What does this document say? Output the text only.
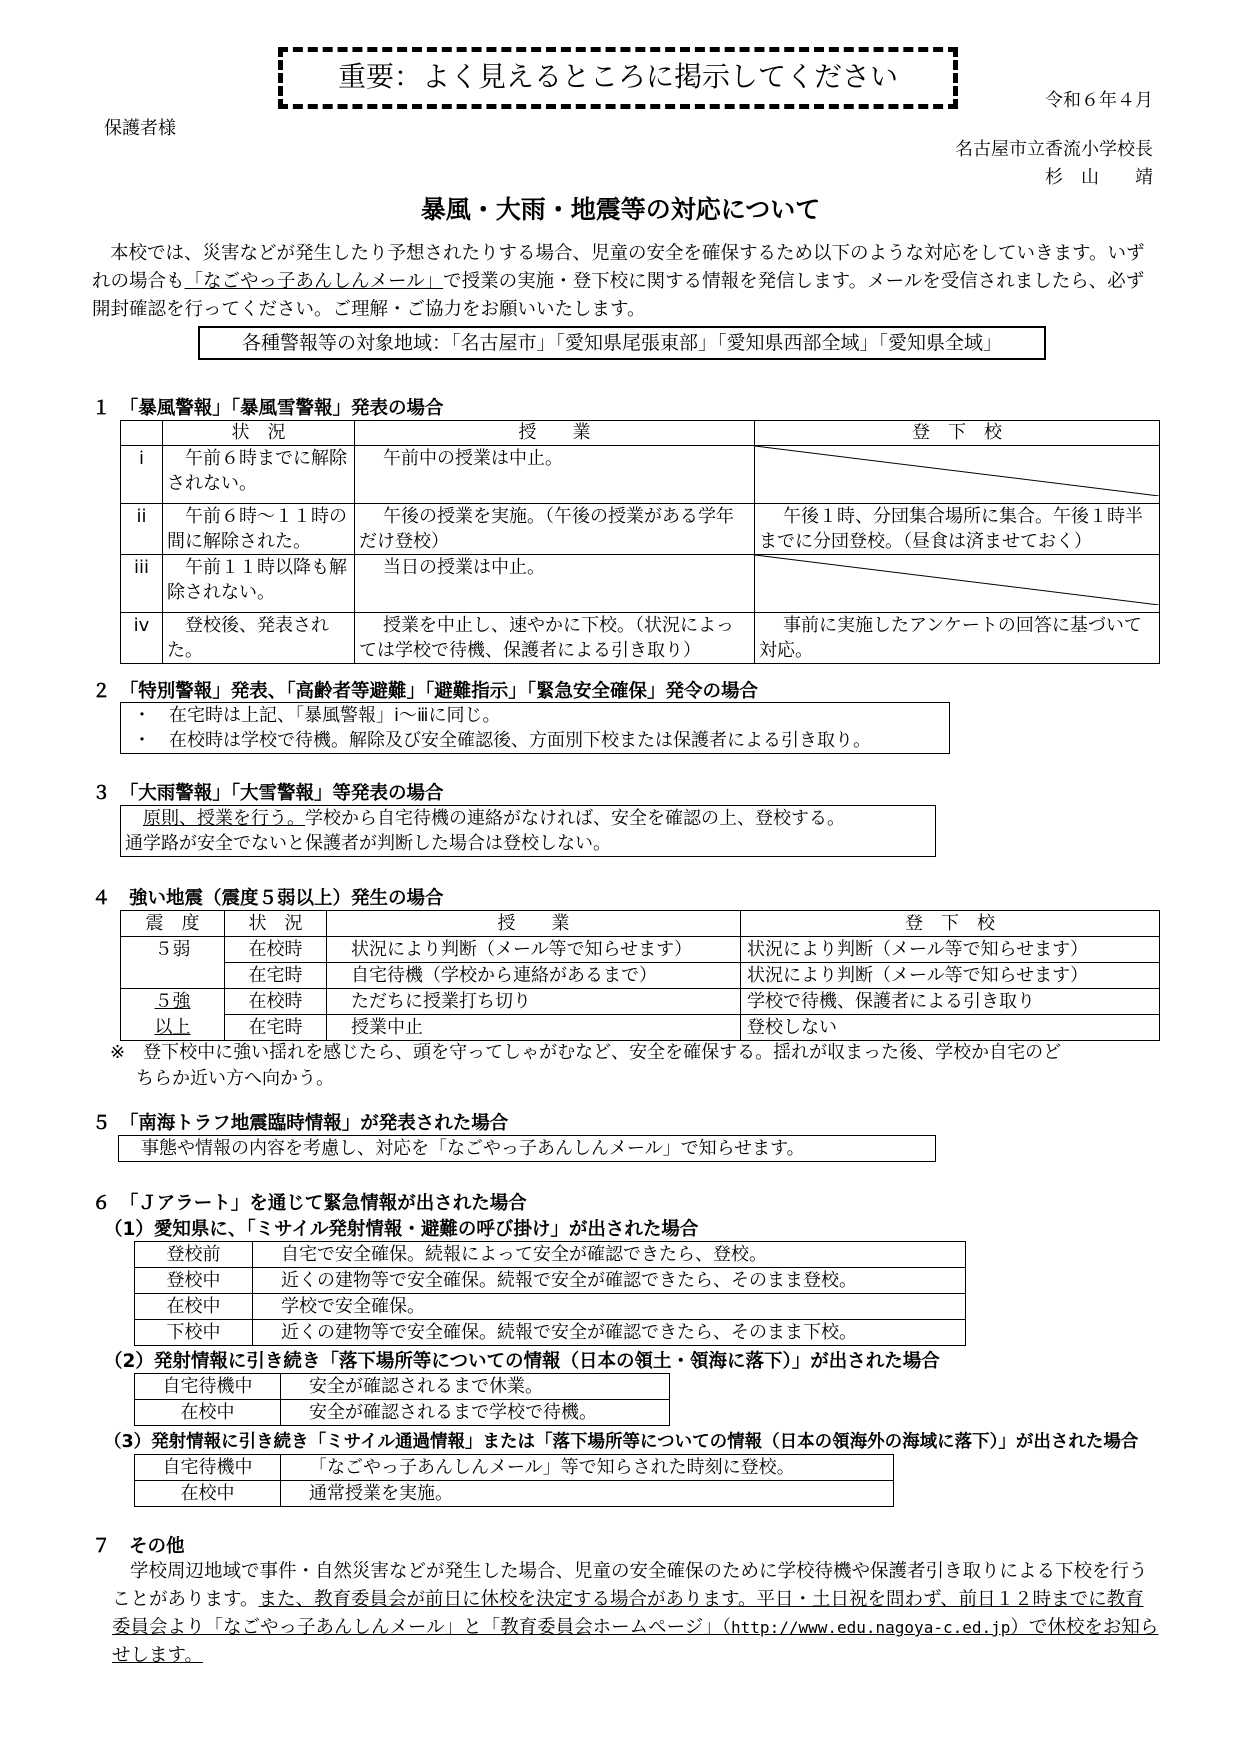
重要：よく見えるところに掲示してください
保護者様
令和６年４月
名古屋市立香流小学校長
杉　山　　靖
暴風・大雨・地震等の対応について
本校では、災害などが発生したり予想されたりする場合、児童の安全を確保するため以下のような対応をしていきます。いずれの場合も「なごやっ子あんしんメール」で授業の実施・登下校に関する情報を発信します。メールを受信されましたら、必ず開封確認を行ってください。ご理解・ご協力をお願いいたします。
各種警報等の対象地域：「名古屋市」「愛知県尾張東部」「愛知県西部全域」「愛知県全域」
１　「暴風警報」「暴風雪警報」発表の場合
	状　況	授　　業	登　下　校
i	午前６時までに解除されない。	午前中の授業は中止。	
ii	午前６時～１１時の間に解除された。	午後の授業を実施。（午後の授業がある学年だけ登校）	午後１時、分団集合場所に集合。午後１時半までに分団登校。（昼食は済ませておく）
iii	午前１１時以降も解除されない。	当日の授業は中止。	
iv	登校後、発表された。	授業を中止し、速やかに下校。（状況によっては学校で待機、保護者による引き取り）	事前に実施したアンケートの回答に基づいて対応。
２　「特別警報」発表、「高齢者等避難」「避難指示」「緊急安全確保」発令の場合
・　在宅時は上記、「暴風警報」ⅰ～ⅲに同じ。
・　在校時は学校で待機。解除及び安全確認後、方面別下校または保護者による引き取り。
３　「大雨警報」「大雪警報」等発表の場合
原則、授業を行う。学校から自宅待機の連絡がなければ、安全を確認の上、登校する。
通学路が安全でないと保護者が判断した場合は登校しない。
４　強い地震（震度５弱以上）発生の場合
震　度	状　況	授　　業	登　下　校
５弱	在校時	状況により判断（メール等で知らせます）	状況により判断（メール等で知らせます）
	在宅時	自宅待機（学校から連絡があるまで）	状況により判断（メール等で知らせます）
５強	在校時	ただちに授業打ち切り	学校で待機、保護者による引き取り
以上	在宅時	授業中止	登校しない
※　登下校中に強い揺れを感じたら、頭を守ってしゃがむなど、安全を確保する。揺れが収まった後、学校か自宅のど
ちらか近い方へ向かう。
５　「南海トラフ地震臨時情報」が発表された場合
事態や情報の内容を考慮し、対応を「なごやっ子あんしんメール」で知らせます。
６　「Ｊアラート」を通じて緊急情報が出された場合
（1）愛知県に、「ミサイル発射情報・避難の呼び掛け」が出された場合
登校前	自宅で安全確保。続報によって安全が確認できたら、登校。
登校中	近くの建物等で安全確保。続報で安全が確認できたら、そのまま登校。
在校中	学校で安全確保。
下校中	近くの建物等で安全確保。続報で安全が確認できたら、そのまま下校。
（2）発射情報に引き続き「落下場所等についての情報（日本の領土・領海に落下）」が出された場合
自宅待機中	安全が確認されるまで休業。
在校中	安全が確認されるまで学校で待機。
（3）発射情報に引き続き「ミサイル通過情報」または「落下場所等についての情報（日本の領海外の海域に落下）」が出された場合
自宅待機中	「なごやっ子あんしんメール」等で知らされた時刻に登校。
在校中	通常授業を実施。
７　その他
学校周辺地域で事件・自然災害などが発生した場合、児童の安全確保のために学校待機や保護者引き取りによる下校を行うことがあります。また、教育委員会が前日に休校を決定する場合があります。平日・土日祝を問わず、前日１２時までに教育委員会より「なごやっ子あんしんメール」と「教育委員会ホームページ」（http://www.edu.nagoya-c.ed.jp）で休校をお知らせします。
